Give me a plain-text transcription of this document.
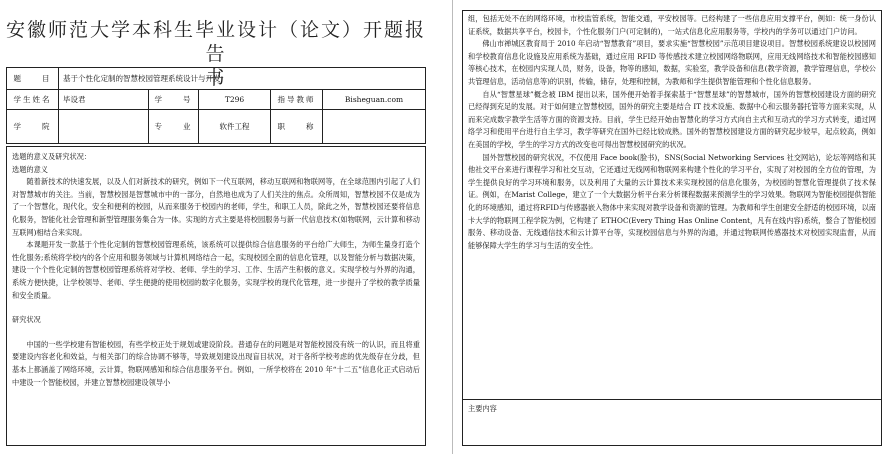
安徽师范大学本科生毕业设计（论文）开题报告
书
题　　目	基于个性化定制的智慧校园管理系统设计与开发				
学生姓名	毕设君	学　　号	T296	指导教师	Bisheguan.com
学　　院		专　　业	软件工程	职　　称	
选题的意义及研究状况：
选题的意义
随着新技术的快速发展，以及人们对新技术的研究，例如下一代互联网，移动互联网和物联网等，在全球范围内引起了人们对智慧城市的关注。当前，智慧校园是智慧城市中的一部分，自然地也成为了人们关注的焦点。众所周知，智慧校园不仅是成为了一个智慧化，现代化，安全和便利的校园，从而来服务于校园内的老师，学生，和职工人员，除此之外，智慧校园还要将信息化服务，智能化社会管理和新型管理服务集合为一体。实现的方式主要是将校园服务与新一代信息技术(如物联网，云计算和移动互联网)相结合来实现。
本课题开发一款基于个性化定制的智慧校园管理系统，该系统可以提供综合信息服务的平台给广大师生，为师生量身打造个性化服务;系统将学校内的各个应用和服务领域与计算机网络结合一起，实现校园全面的信息化管理，以及智能分析与数据决策，建设一个个性化定制的智慧校园管理系统将对学校、老师、学生的学习、工作、生活产生积极的意义。实现学校与外界的沟通，系统方便快捷，让学校领导、老师、学生便捷的使用校园的数字化服务，实现学校的现代化管理，进一步提升了学校的教学质量和安全质量。
研究状况
中国的一些学校建有智能校园，有些学校正处于规划或建设阶段。普通存在的问题是对智能校园没有统一的认识，而且将重要建设内容老化和效益，与相关部门的综合协调不够等，导致规划建设出现盲目状况，对于各所学校考虑的优先级存在分歧，但基本上都涵盖了网络环境，云计算，物联网感知和综合信息服务平台。例如，一所学校将在 2010 年“十二五”信息化正式启动后中建设一个智能校园，并建立智慧校园建设领导小
组，包括无处不在的网络环境，市校监管系统，智能交通，平安校园等。已经构建了一些信息应用支撑平台，例如：统一身份认证系统，数据共享平台，校园卡，个性化服务门户(可定制的)，一站式信息化应用服务等，学校内的学务可以通过门户访问。
佛山市禅城区教育局于 2010 年启动“智慧教育”项目，要求实施“智慧校园”示范项目建设项目。智慧校园系统建设以校园网和学校教育信息化设施及应用系统为基础，通过应用 RFID 等传感技术建立校园网络物联网，应用无线网络技术和智能校园感知等核心技术，在校园内实现人员，财务，设备，物等的感知，数据，实验室，教学设备和信息(教学资源，教学管理信息，学校公共管理信息，活动信息等)的识别，传输，储存，处理和控制，为教师和学生提供智能管理和个性化信息服务。
自从“智慧星球”概念被 IBM 提出以来，国外便开始着手探索基于“智慧星球”的智慧城市，国外的智慧校园建设方面的研究已经得到充足的发展。对于如何建立智慧校园，国外的研究主要是结合 IT 技术设施、数据中心和云服务器托管等方面来实现，从而来完成数字教学生活等方面的资源支持。目前，学生已经开始由智慧化的学习方式向自主式和互动式的学习方式转变，通过网络学习和使用平台进行自主学习，教学等研究在国外已经比较成熟。国外的智慧校园建设方面的研究起步较早，起点较高，例如在美国的学校，学生的学习方式的改变也可得出智慧校园研究的状况。
国外智慧校园的研究状况，不仅使用 Face book(脸书)，SNS(Social Networking Services 社交网站)，论坛等网络和其他社交平台来进行课程学习和社交互动，它还通过无线网和物联网来构建个性化的学习平台，实现了对校园的全方位的管理，为学生提供良好的学习环境和服务，以及利用了大量的云计算技术来实现校园的信息化服务，为校园的智慧化管理提供了技术保证。例如，在Marist College，建立了一个大数据分析平台来分析课程数据来预测学生的学习效果。物联网为智能校园提供智能化的环境感知，通过将RFID与传感器嵌入物体中来实现对教学设备和资源的管理。为教师和学生创建安全舒适的校园环境，以南卡大学的物联网工程学院为例，它构建了 ETHOC(Every Thing Has Online Content，凡有在线内容)系统，整合了智能校园服务、移动设备、无线通信技术和云计算平台等，实现校园信息与外界的沟通，并通过物联网传感器技术对校园实现监督，从而能够保障大学生的学习与生活的安全性。
主要内容
